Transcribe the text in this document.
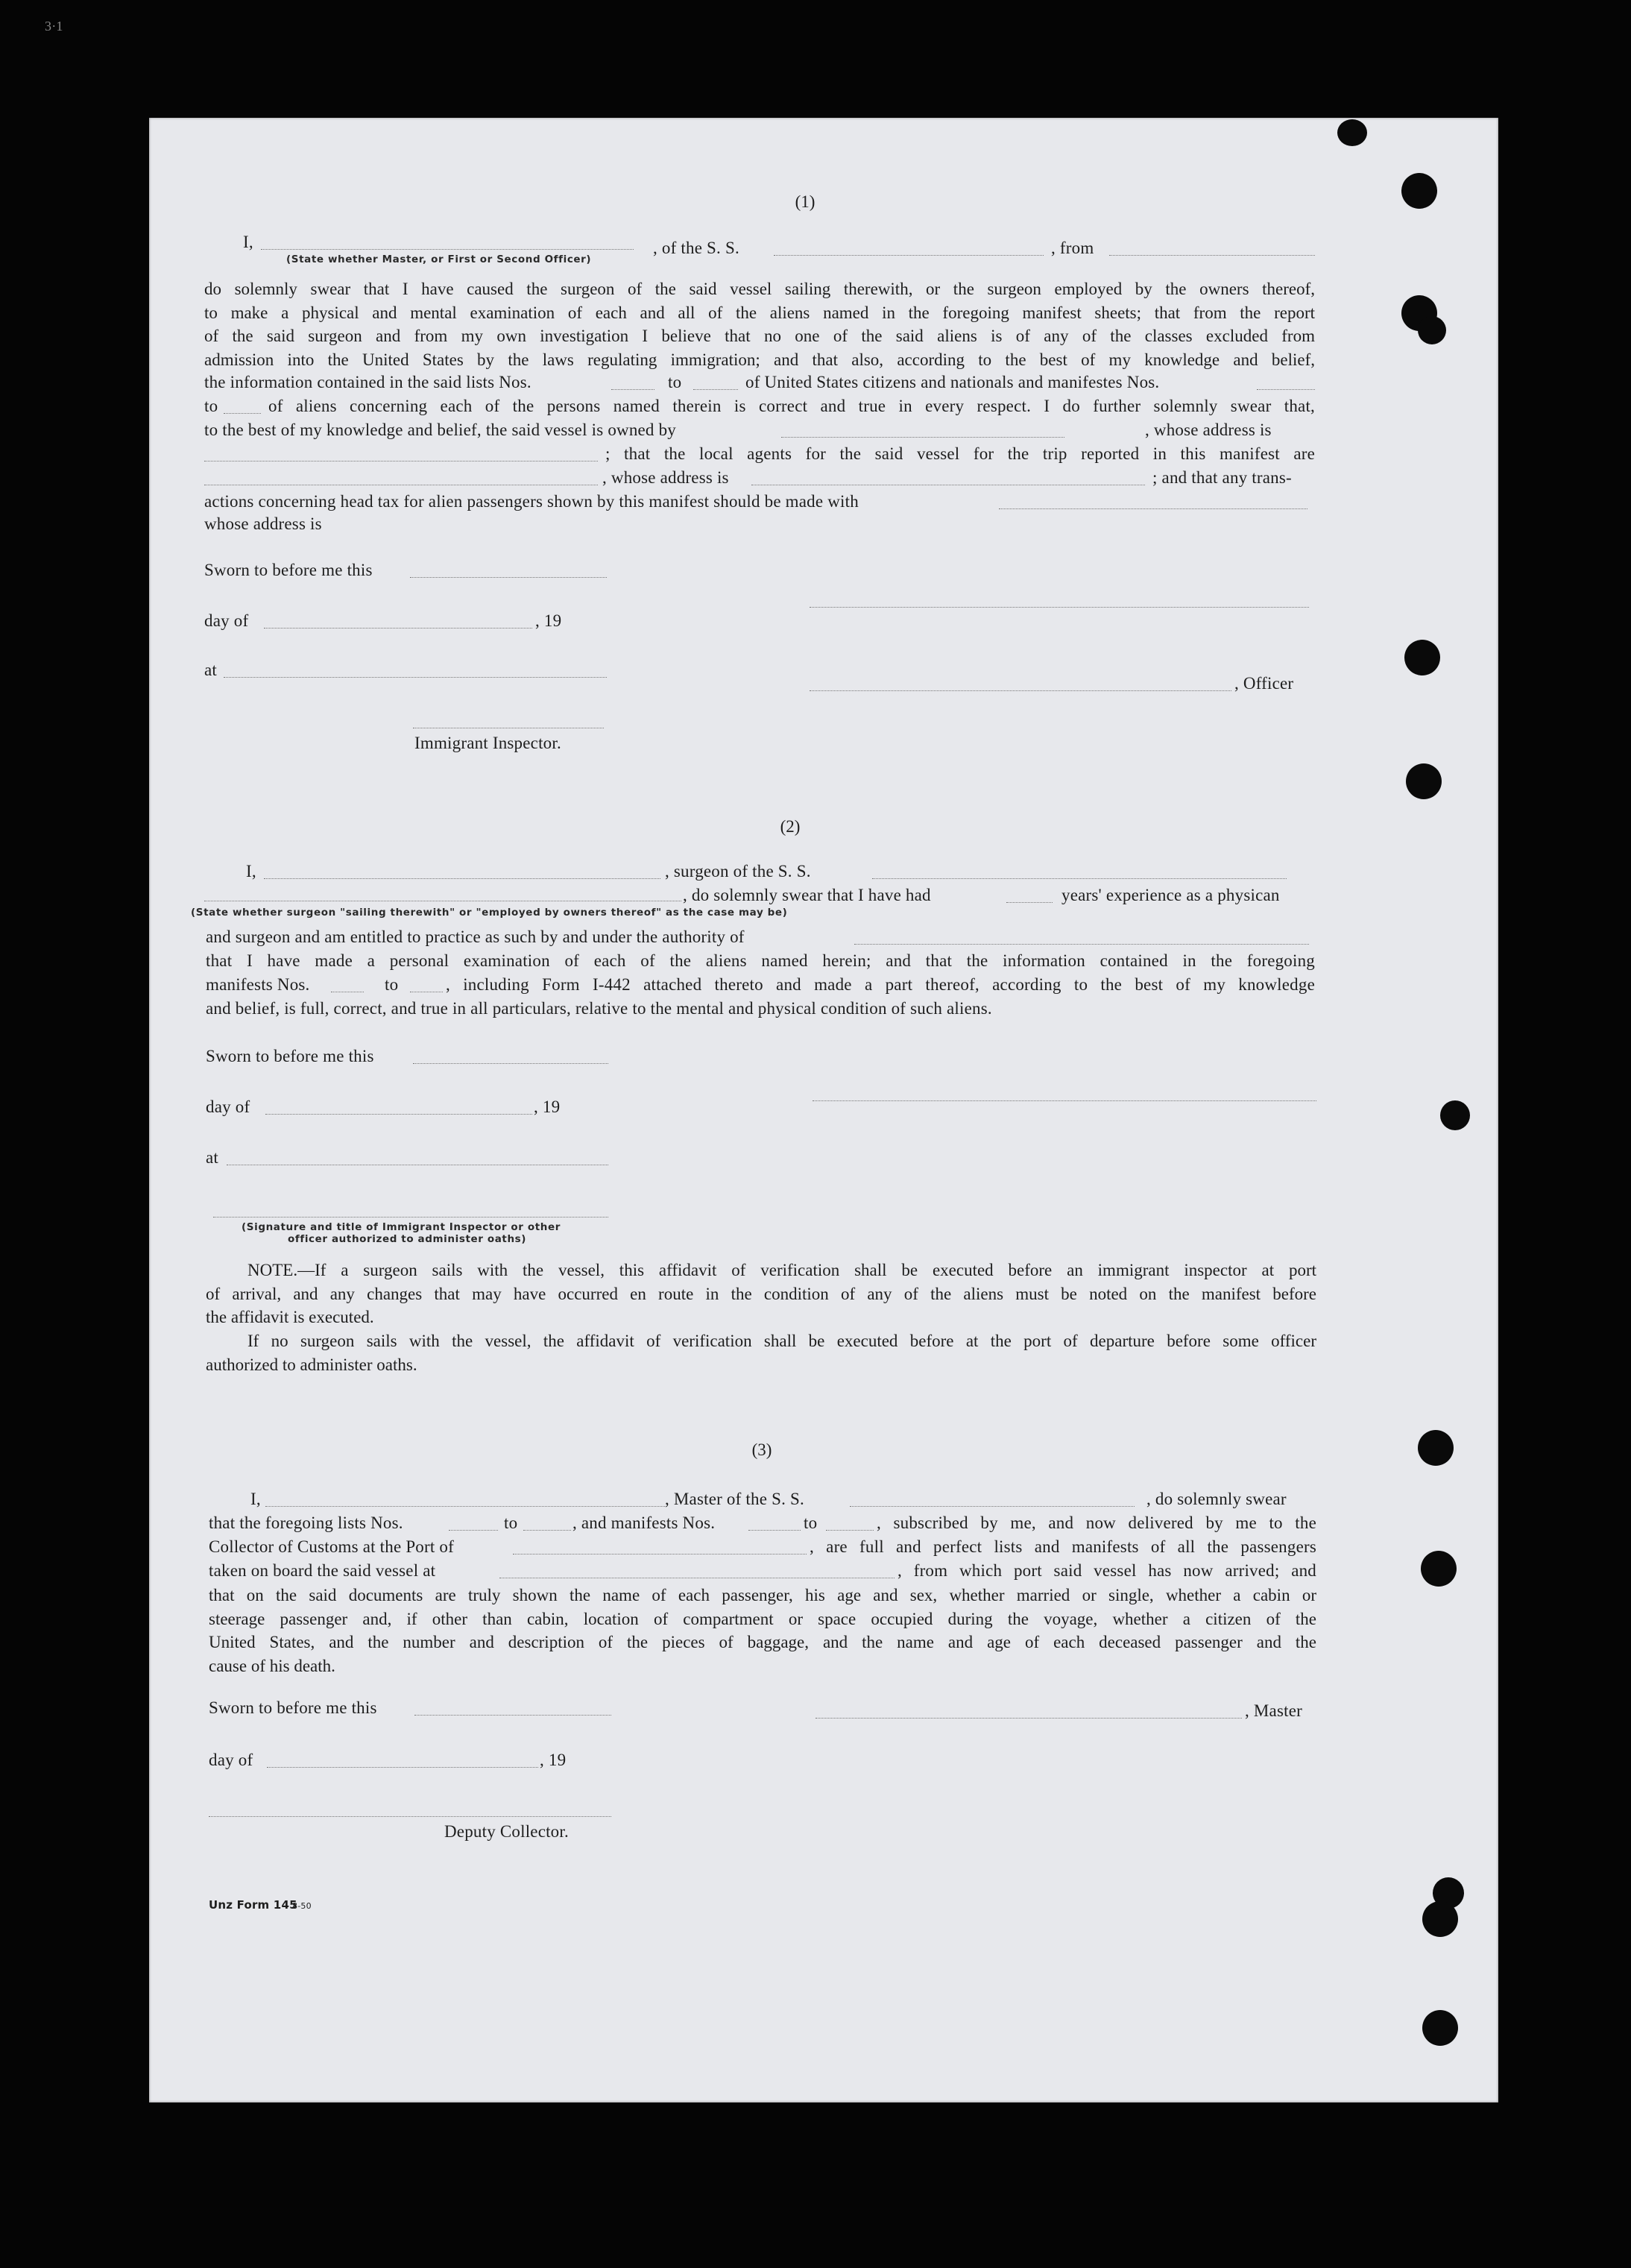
3·1
(1)
I,
(State whether Master, or First or Second Officer)
, of the S. S.	, from
do solemnly swear that I have caused the surgeon of the said vessel sailing therewith, or the surgeon employed by the owners thereof,
to make a physical and mental examination of each and all of the aliens named in the foregoing manifest sheets; that from the report
of the said surgeon and from my own investigation I believe that no one of the said aliens is of any of the classes excluded from
admission into the United States by the laws regulating immigration; and that also, according to the best of my knowledge and belief,
the information contained in the said lists Nos.	to	of United States citizens and nationals and manifestes Nos.
to	of aliens concerning each of the persons named therein is correct and true in every respect. I do further solemnly swear that,
to the best of my knowledge and belief, the said vessel is owned by	, whose address is
; that the local agents for the said vessel for the trip reported in this manifest are
, whose address is	; and that any trans-
actions concerning head tax for alien passengers shown by this manifest should be made with
whose address is
Sworn to before me this
day of	, 19
at
, Officer
Immigrant Inspector.
(2)
I,	, surgeon of the S. S.
, do solemnly swear that I have had	years' experience as a physican
(State whether surgeon "sailing therewith" or "employed by owners thereof" as the case may be)
and surgeon and am entitled to practice as such by and under the authority of
that I have made a personal examination of each of the aliens named herein; and that the information contained in the foregoing
manifests Nos.	to	, including Form I-442 attached thereto and made a part thereof, according to the best of my knowledge
and belief, is full, correct, and true in all particulars, relative to the mental and physical condition of such aliens.
Sworn to before me this
day of	, 19
at
(Signature and title of Immigrant Inspector or other
officer authorized to administer oaths)
NOTE.—If a surgeon sails with the vessel, this affidavit of verification shall be executed before an immigrant inspector at port
of arrival, and any changes that may have occurred en route in the condition of any of the aliens must be noted on the manifest before
the affidavit is executed.
If no surgeon sails with the vessel, the affidavit of verification shall be executed before at the port of departure before some officer
authorized to administer oaths.
(3)
I,	, Master of the S. S.	, do solemnly swear
that the foregoing lists Nos.	to	, and manifests Nos.	to	, subscribed by me, and now delivered by me to the
Collector of Customs at the Port of	, are full and perfect lists and manifests of all the passengers
taken on board the said vessel at	, from which port said vessel has now arrived; and
that on the said documents are truly shown the name of each passenger, his age and sex, whether married or single, whether a cabin or
steerage passenger and, if other than cabin, location of compartment or space occupied during the voyage, whether a citizen of the
United States, and the number and description of the pieces of baggage, and the name and age of each deceased passenger and the
cause of his death.
Sworn to before me this	, Master
day of	, 19
Deputy Collector.
Unz Form 145
8-50
